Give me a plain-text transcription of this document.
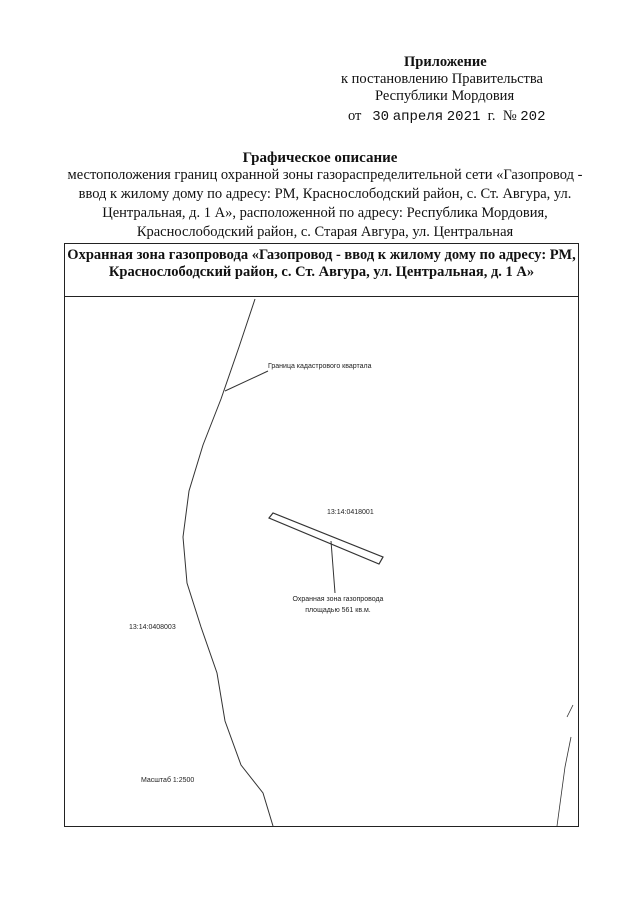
Приложение
к постановлению Правительства
Республики Мордовия
от 30 апреля 2021 г. № 202
Графическое описание
местоположения границ охранной зоны газораспределительной сети «Газопровод - ввод к жилому дому по адресу: РМ, Краснослободский район, с. Ст. Авгура, ул. Центральная, д. 1 А», расположенной по адресу: Республика Мордовия, Краснослободский район, с. Старая Авгура, ул. Центральная
Охранная зона газопровода «Газопровод - ввод к жилому дому по адресу: РМ, Краснослободский район, с. Ст. Авгура, ул. Центральная, д. 1 А»
Граница кадастрового квартала
13:14:0418001
13:14:0408003
Охранная зона газопровода
площадью 561 кв.м.
Масштаб 1:2500
